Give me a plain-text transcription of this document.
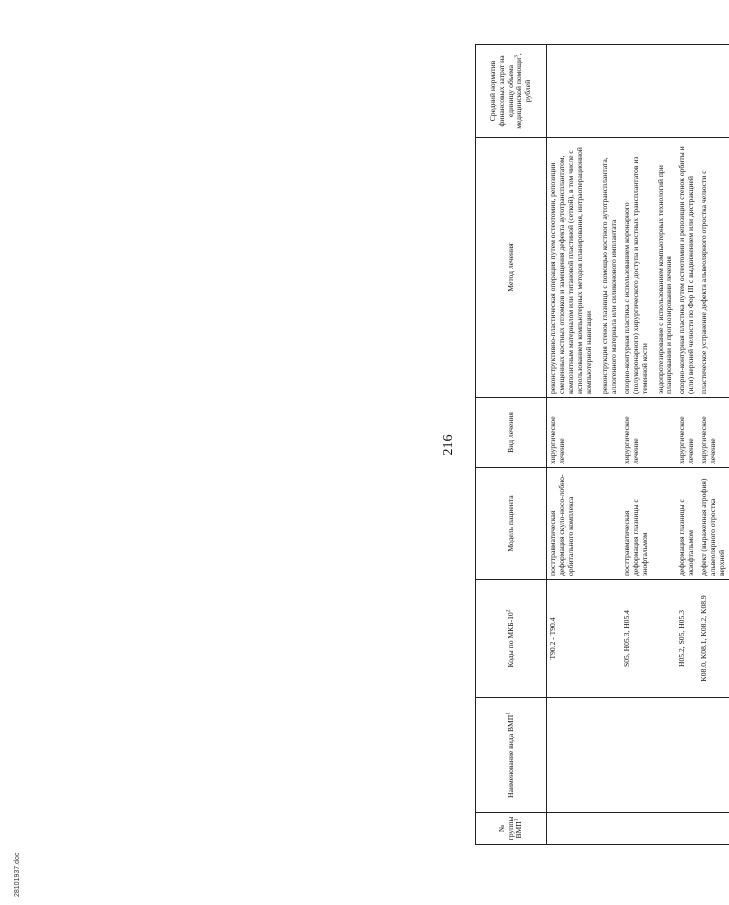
216
№ группы ВМП$^1$	Наименование вида ВМП$^1$	Коды по МКБ-$10^2$	Модель пациента	Вид лечения	Метод лечения	Средний норматив финансовых затрат на единицу объема медицинской помощи$^3$, рублей
		T90.2 - T90.4	посттравматическая деформация скуло-носо-лобно-орбитального комплекса	хирургическое лечение	реконструктивно-пластическая операция путем остеотомии, репозиции смещенных костных отломков и замещения дефекта аутотрансплантатом, композитным материалом или титановой пластиной (сеткой), в том числе с использованием компьютерных методов планирования, интраоперационной компьютерной навигации реконструкция стенок глазницы с помощью костного аутотрансплантата, аллогенного материала или силиконового имплантата	

		S05, H05.3, H05.4	посттравматическая деформация глазницы с энофтальмом	хирургическое лечение	опорно-контурная пластика с использованием коронарного (полукоронарного) хирургического доступа и костных трансплантатов из теменной кости эндопротезирование с использованием компьютерных технологий при планировании и прогнозировании лечения	

		H05.2, S05, H05.3	деформация глазницы с экзофтальмом	хирургическое лечение	опорно-контурная пластика путем остеотомии и репозиции стенок орбиты и (или) верхней челюсти по Фор III с выдвижением или дистракцией	

		K08.0, K08.1, K08.2, K08.9	дефект (выраженная атрофия) альвеолярного отростка верхней	хирургическое лечение	пластическое устранение дефекта альвеолярного отростка челюсти с	

28101937.doc
